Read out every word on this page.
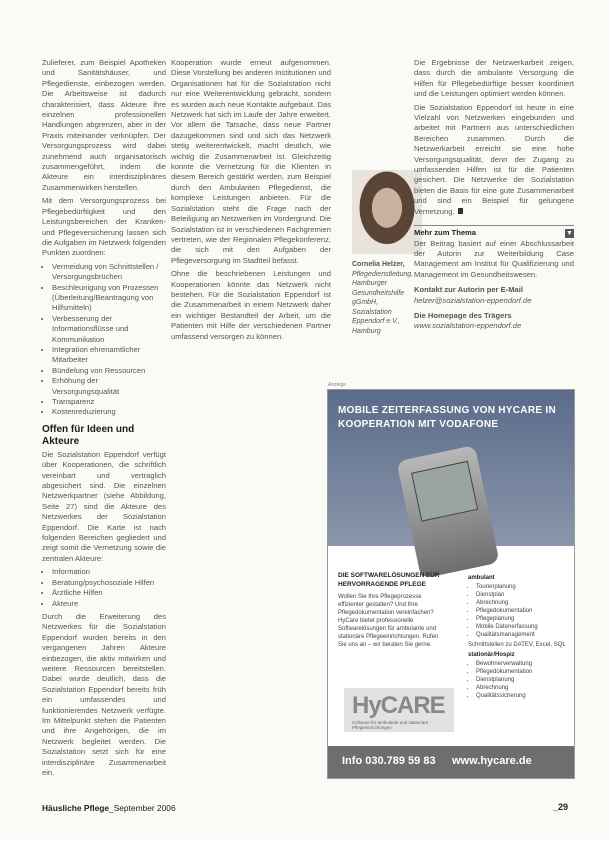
Zulieferer, zum Beispiel Apotheken und Sanitätshäuser, und Pflegedienste, einbezogen werden. Die Arbeitsweise ist dadurch charakterisiert, dass Akteure ihre einzelnen professionellen Handlungen abgrenzen, aber in der Praxis miteinander verknüpfen. Der Versorgungsprozess wird dabei zunehmend auch organisatorisch zusammengeführt, indem die Akteure ein interdisziplinäres Zusammenwirken herstellen.

Mit dem Versorgungsprozess bei Pflegebedürftigkeit und den Leistungsbereichen der Kranken- und Pflegeversicherung lassen sich die Aufgaben im Netzwerk folgenden Punkten zuordnen:

• Vermeidung von Schnittstellen / Versorgungsbrüchen
• Beschleunigung von Prozessen (Überleitung/Beantragung von Hilfsmitteln)
• Verbesserung der Informationsflüsse und Kommunikation
• Integration ehrenamtlicher Mitarbeiter
• Bündelung von Ressourcen
• Erhöhung der Versorgungsqualität
• Transparenz
• Kostenreduzierung
Offen für Ideen und Akteure

Die Sozialstation Eppendorf verfügt über Kooperationen, die schriftlich vereinbart und vertraglich abgesichert sind. Die einzelnen Netzwerkpartner (siehe Abbildung, Seite 27) sind die Akteure des Netzwerkes der Sozialstation Eppendorf. Die Karte ist nach folgenden Bereichen gegliedert und zeigt somit die Vernetzung sowie die zentralen Akteure:

• Information
• Beratung/psychosoziale Hilfen
• Ärztliche Hilfen
• Akteure

Durch die Erweiterung des Netzwerkes für die Sozialstation Eppendorf wurden bereits in den vergangenen Jahren Akteure einbezogen, die aktiv mitwirken und weitere Ressourcen bereitstellen. Dabei wurde deutlich, dass die Sozialstation Eppendorf bereits früh ein umfassendes und funktionierendes Netzwerk verfügte. Im Mittelpunkt stehen die Patienten und ihre Angehörigen, die im Netzwerk begleitet werden. Die Sozialstation setzt sich für eine interdisziplinäre Zusammenarbeit ein.

Kooperation wurde erneut aufgenommen. Diese Vorstellung bei anderen Institutionen und Organisationen hat für die Sozialstation nicht nur eine Weiterentwicklung gebracht, sondern es wurden auch neue Kontakte aufgebaut. Das Netzwerk hat sich im Laufe der Jahre erweitert. Vor allem die Tatsache, dass neue Partner dazugekommen sind und sich das Netzwerk stetig weiterentwickelt, macht deutlich, wie wichtig die Zusammenarbeit ist. Gleichzeitig konnte die Vernetzung für die Klienten in diesem Bereich gestärkt werden, zum Beispiel durch den Ambulanten Pflegedienst, die komplexe Leistungen anbieten. Für die Sozialstation steht die Frage nach der Beteiligung an Netzwerken im Vordergrund. Die Sozialstation ist in verschiedenen Fachgremien vertreten, wie der Regionalen Pflegekonferenz, die sich mit den Aufgaben der Pflegeversorgung im Stadtteil befasst.

Ohne die beschriebenen Leistungen und Kooperationen könnte das Netzwerk nicht bestehen. Für die Sozialstation Eppendorf ist die Zusammenarbeit in einem Netzwerk daher ein wichtiger Bestandteil der Arbeit, um die Patienten mit Hilfe der verschiedenen Partner umfassend versorgen zu können.

Cornelia Helzer,
Pflegedienstleitung, Hamburger Gesundheitshilfe gGmbH, Sozialstation Eppendorf e.V., Hamburg

Die Ergebnisse der Netzwerkarbeit zeigen, dass durch die ambulante Versorgung die Hilfen für Pflegebedürftige besser koordiniert und die Leistungen optimiert werden können.

Die Sozialstation Eppendorf ist heute in eine Vielzahl von Netzwerken eingebunden und arbeitet mit Partnern aus unterschiedlichen Bereichen zusammen. Durch die Netzwerkarbeit erreicht sie eine hohe Versorgungsqualität, denn der Zugang zu umfassenden Hilfen ist für die Patienten gesichert. Die Netzwerke der Sozialstation bieten die Basis für eine gute Zusammenarbeit und sind ein Beispiel für gelungene Vernetzung.

Mehr zum Thema	▼

Der Beitrag basiert auf einer Abschlussarbeit der Autorin zur Weiterbildung Case Management am Institut für Qualifizierung und Management im Gesundheitswesen.

Kontakt zur Autorin per E-Mail
helzer@sozialstation-eppendorf.de
Die Homepage des Trägers
www.sozialstation-eppendorf.de
Anzeige
MOBILE ZEITERFASSUNG VON HYCARE IN KOOPERATION MIT VODAFONE
DIE SOFTWARELÖSUNGEN FÜR HERVORRAGENDE PFLEGE
Wollen Sie Ihre Pflegeprozesse effizienter gestalten? Und Ihre Pflegedokumentation vereinfachen? HyCare bietet professionelle Softwarelösungen für ambulante und stationäre Pflegeeinrichtungen. Rufen Sie uns an – wir beraten Sie gerne.
ambulant
• Tourenplanung
• Dienstplan
• Abrechnung
• Pflegedokumentation
• Pflegeplanung
• Mobile Datenerfassung
• Qualitätsmanagement
Schnittstellen zu DATEV, Excel, SQL
stationär/Hospiz
• Bewohnerverwaltung
• Pflegedokumentation
• Dienstplanung
• Abrechnung
• Qualitätssicherung
HyCARE
Software für ambulante und stationäre Pflegeeinrichtungen
Info 030.789 59 83 www.hycare.de
Häusliche Pflege_September 2006	_29
